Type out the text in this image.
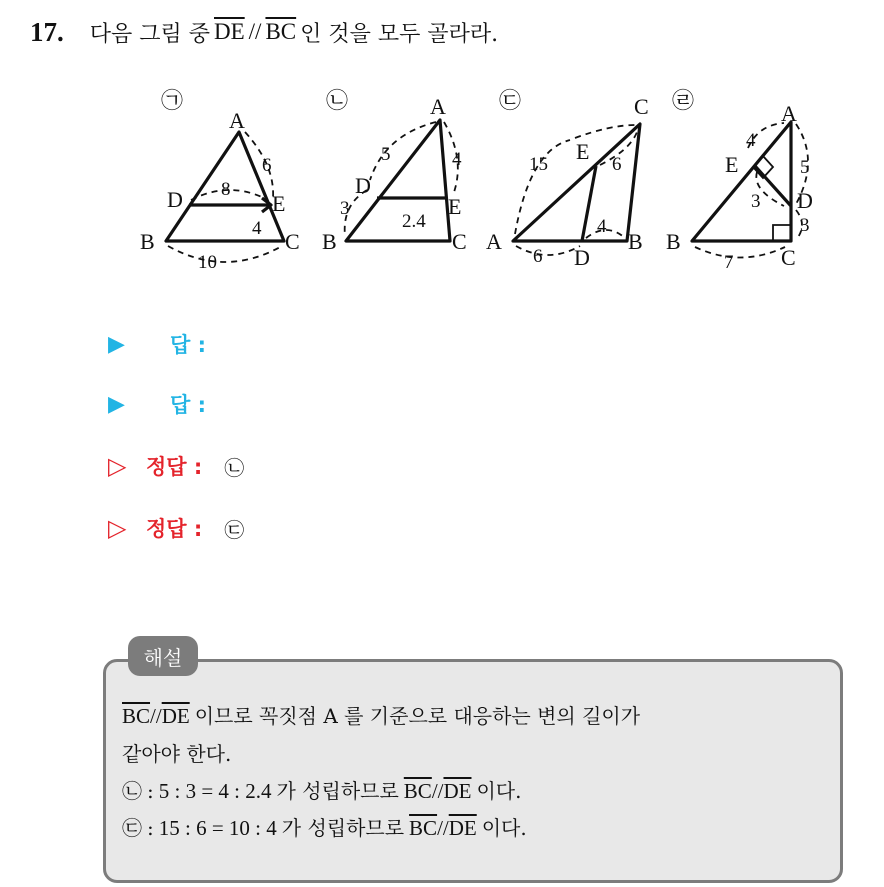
17. 다음 그림 중 $\overline{DE} // \overline{BC}$ 인 것을 모두 골라라.
㉠
A
B	C
D	E
6
8
4
10
㉡	A
B	C
D
E
5
3
4
2.4
㉢	C
A	B
D
E
15
6
4
6
㉣
A
B
C
D
E
4
5
3
3
7
▶	답 :
▶	답 :
▷ 정답 : ㉡
▷ 정답 : ㉢
해설
$\overline{BC}//\overline{DE}$ 이므로 꼭짓점 A 를 기준으로 대응하는 변의 길이가
같아야 한다.
㉡ : 5 : 3 = 4 : 2.4 가 성립하므로 $\overline{BC}//\overline{DE}$ 이다.
㉢ : 15 : 6 = 10 : 4 가 성립하므로 $\overline{BC}//\overline{DE}$ 이다.
